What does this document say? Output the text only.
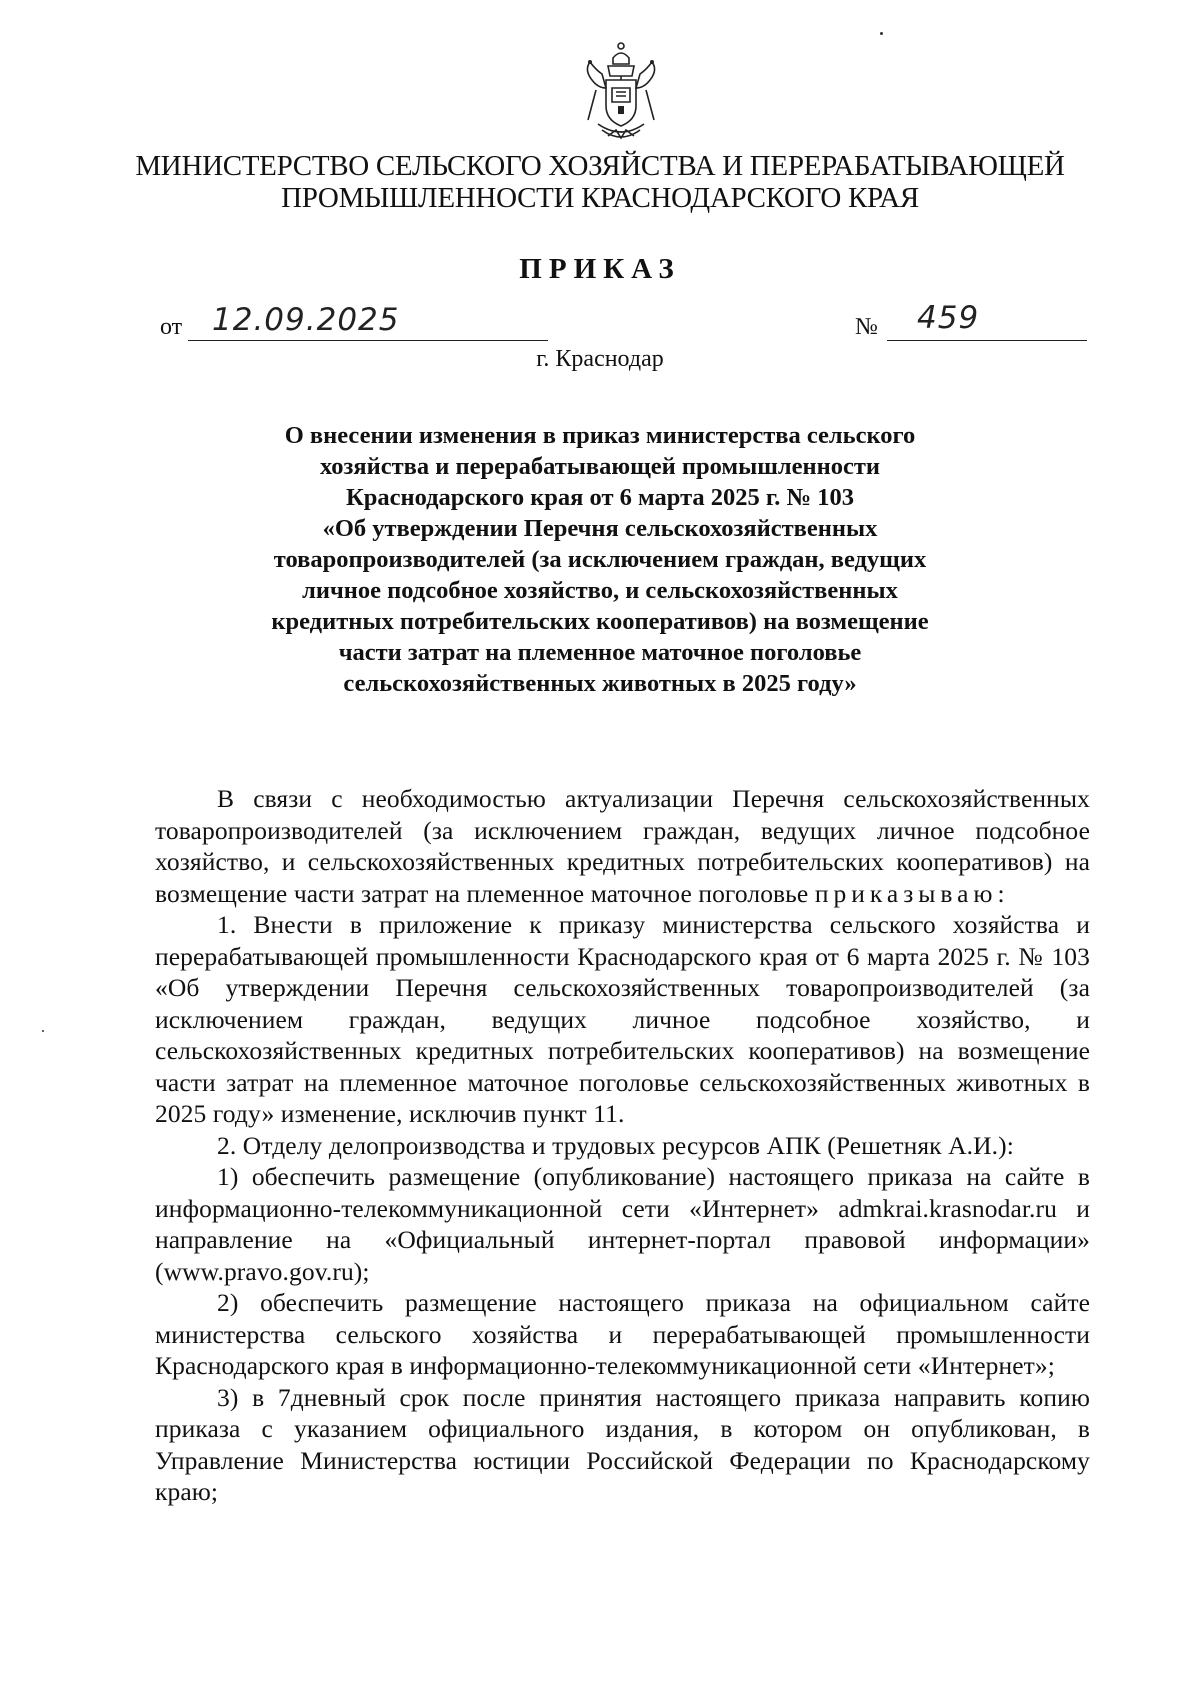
МИНИСТЕРСТВО СЕЛЬСКОГО ХОЗЯЙСТВА И ПЕРЕРАБАТЫВАЮЩЕЙ
ПРОМЫШЛЕННОСТИ КРАСНОДАРСКОГО КРАЯ
ПРИКАЗ
от 12.09.2025	№ 459
г. Краснодар
О внесении изменения в приказ министерства сельского
хозяйства и перерабатывающей промышленности
Краснодарского края от 6 марта 2025 г. № 103
«Об утверждении Перечня сельскохозяйственных
товаропроизводителей (за исключением граждан, ведущих
личное подсобное хозяйство, и сельскохозяйственных
кредитных потребительских кооперативов) на возмещение
части затрат на племенное маточное поголовье
сельскохозяйственных животных в 2025 году»

В связи с необходимостью актуализации Перечня сельскохозяйственных товаропроизводителей (за исключением граждан, ведущих личное подсобное хозяйство, и сельскохозяйственных кредитных потребительских кооперативов) на возмещение части затрат на племенное маточное поголовье приказываю:

1. Внести в приложение к приказу министерства сельского хозяйства и перерабатывающей промышленности Краснодарского края от 6 марта 2025 г. № 103 «Об утверждении Перечня сельскохозяйственных товаропроизводителей (за исключением граждан, ведущих личное подсобное хозяйство, и сельскохозяйственных кредитных потребительских кооперативов) на возмещение части затрат на племенное маточное поголовье сельскохозяйственных животных в 2025 году» изменение, исключив пункт 11.

2. Отделу делопроизводства и трудовых ресурсов АПК (Решетняк А.И.):

1) обеспечить размещение (опубликование) настоящего приказа на сайте в информационно-телекоммуникационной сети «Интернет» admkrai.krasnodar.ru и направление на «Официальный интернет-портал правовой информации» (www.pravo.gov.ru);

2) обеспечить размещение настоящего приказа на официальном сайте министерства сельского хозяйства и перерабатывающей промышленности Краснодарского края в информационно-телекоммуникационной сети «Интернет»;

3) в 7дневный срок после принятия настоящего приказа направить копию приказа с указанием официального издания, в котором он опубликован, в Управление Министерства юстиции Российской Федерации по Краснодарскому краю;
